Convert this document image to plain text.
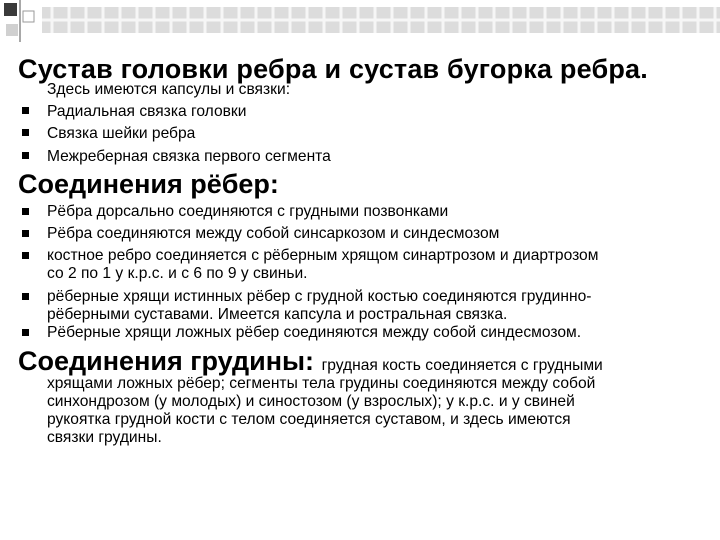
Сустав головки ребра и сустав бугорка ребра.
Здесь имеются капсулы и связки:
Радиальная связка головки
Связка шейки ребра
Межреберная связка первого сегмента
Соединения рёбер:
Рёбра дорсально соединяются с грудными позвонками
Рёбра соединяются между собой синсаркозом и синдесмозом
костное ребро соединяется с рёберным хрящом синартрозом и диартрозом
со 2 по 1 у к.р.с. и с 6 по 9 у свиньи.
рёберные хрящи истинных рёбер с грудной костью соединяются грудинно-
рёберными суставами. Имеется капсула и ростральная связка.
Рёберные хрящи ложных рёбер соединяются между собой синдесмозом.
Соединения грудины: грудная кость соединяется с грудными
хрящами ложных рёбер; сегменты тела грудины соединяются между собой
синхондрозом (у молодых) и синостозом (у взрослых); у к.р.с. и у свиней
рукоятка грудной кости с телом соединяется суставом, и здесь имеются
связки грудины.
